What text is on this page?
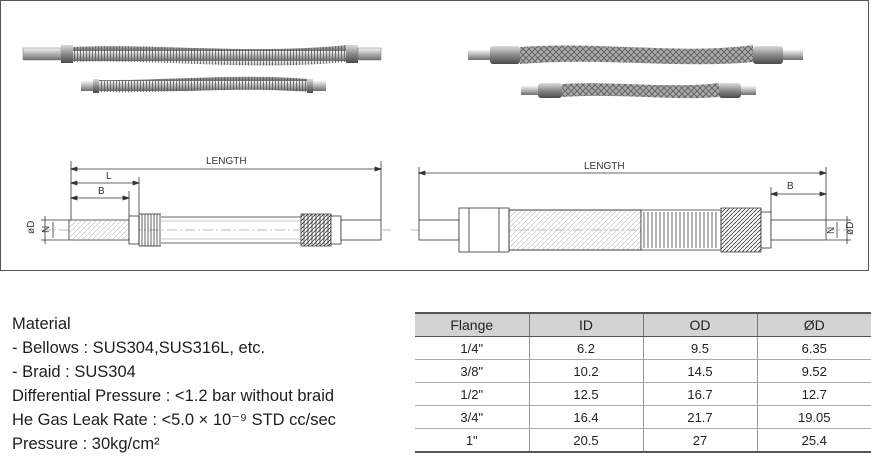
LENGTH
L
B
øD N
LENGTH
B
N øD
Material
- Bellows : SUS304,SUS316L, etc.
- Braid : SUS304
Differential Pressure : <1.2 bar without braid
He Gas Leak Rate : <5.0 × 10⁻⁹ STD cc/sec
Pressure : 30kg/cm²
Flange	ID	OD	ØD
1/4"	6.2	9.5	6.35
3/8"	10.2	14.5	9.52
1/2"	12.5	16.7	12.7
3/4"	16.4	21.7	19.05
1"	20.5	27	25.4
